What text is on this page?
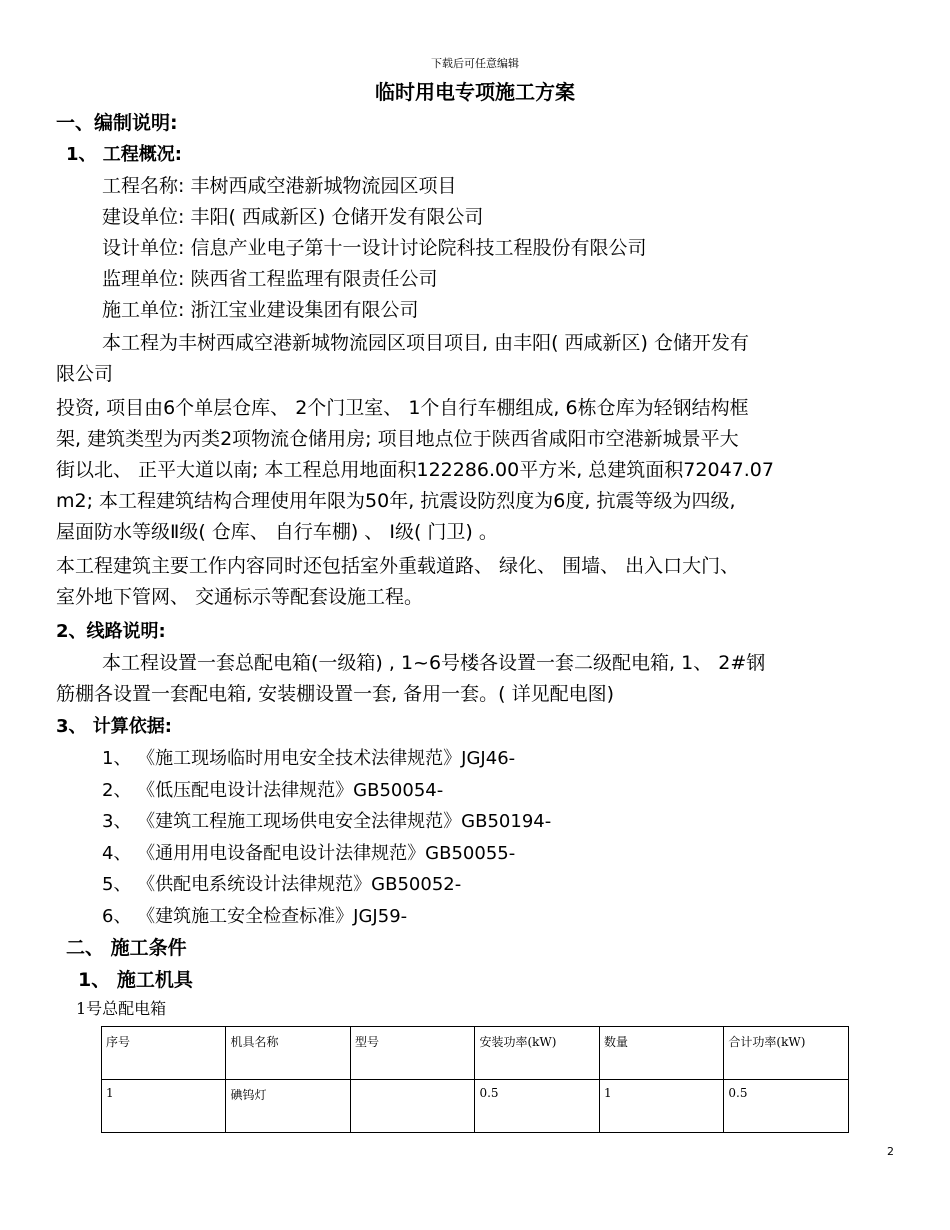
下载后可任意编辑
临时用电专项施工方案
一、编制说明:
1、 工程概况:
工程名称: 丰树西咸空港新城物流园区项目
建设单位: 丰阳( 西咸新区) 仓储开发有限公司
设计单位: 信息产业电子第十一设计讨论院科技工程股份有限公司
监理单位: 陕西省工程监理有限责任公司
施工单位: 浙江宝业建设集团有限公司
本工程为丰树西咸空港新城物流园区项目项目, 由丰阳( 西咸新区) 仓储开发有
限公司
投资, 项目由6个单层仓库、 2个门卫室、 1个自行车棚组成, 6栋仓库为轻钢结构框
架, 建筑类型为丙类2项物流仓储用房; 项目地点位于陕西省咸阳市空港新城景平大
街以北、 正平大道以南; 本工程总用地面积122286.00平方米, 总建筑面积72047.07
m2; 本工程建筑结构合理使用年限为50年, 抗震设防烈度为6度, 抗震等级为四级,
屋面防水等级Ⅱ级( 仓库、 自行车棚) 、 Ⅰ级( 门卫) 。
本工程建筑主要工作内容同时还包括室外重载道路、 绿化、 围墙、 出入口大门、
室外地下管网、 交通标示等配套设施工程。
2、线路说明:
本工程设置一套总配电箱(一级箱) , 1~6号楼各设置一套二级配电箱, 1、 2#钢
筋棚各设置一套配电箱, 安装棚设置一套, 备用一套。( 详见配电图)
3、 计算依据:
1、 《施工现场临时用电安全技术法律规范》JGJ46-
2、 《低压配电设计法律规范》GB50054-
3、 《建筑工程施工现场供电安全法律规范》GB50194-
4、 《通用用电设备配电设计法律规范》GB50055-
5、 《供配电系统设计法律规范》GB50052-
6、 《建筑施工安全检查标准》JGJ59-
二、 施工条件
1、 施工机具
1号总配电箱
序号	机具名称	型号	安装功率(kW)	数量	合计功率(kW)
1	碘钨灯		0.5	1	0.5
2
